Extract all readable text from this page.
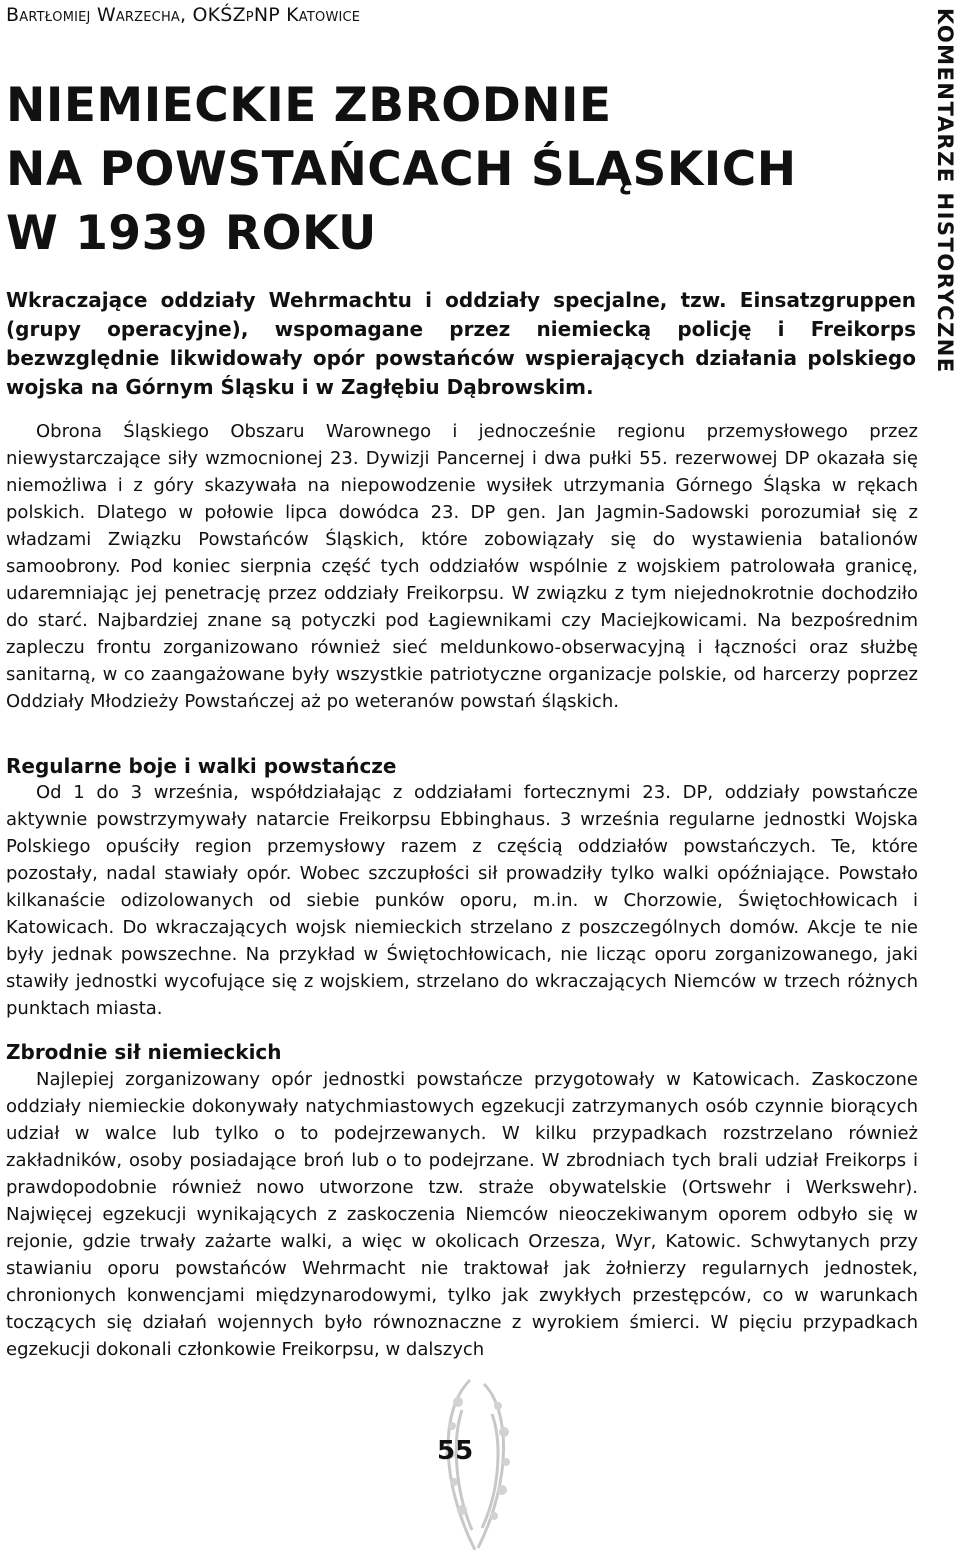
Bartłomiej Warzecha, OKŚZpNP Katowice
NIEMIECKIE ZBRODNIE
NA POWSTAŃCACH ŚLĄSKICH
W 1939 ROKU	KOMENTARZE HISTORYCZNE

Wkraczające oddziały Wehrmachtu i oddziały specjalne, tzw. Einsatzgruppen (grupy operacyjne), wspomagane przez niemiecką policję i Freikorps bezwzględnie likwidowały opór powstańców wspierających działania polskiego wojska na Górnym Śląsku i w Zagłębiu Dąbrowskim.

Obrona Śląskiego Obszaru Warownego i jednocześnie regionu przemysłowego przez niewystarczające siły wzmocnionej 23. Dywizji Pancernej i dwa pułki 55. rezerwowej DP okazała się niemożliwa i z góry skazywała na niepowodzenie wysiłek utrzymania Górnego Śląska w rękach polskich. Dlatego w połowie lipca dowódca 23. DP gen. Jan Jagmin-Sadowski porozumiał się z władzami Związku Powstańców Śląskich, które zobowiązały się do wystawienia batalionów samoobrony. Pod koniec sierpnia część tych oddziałów wspólnie z wojskiem patrolowała granicę, udaremniając jej penetrację przez oddziały Freikorpsu. W związku z tym niejednokrotnie dochodziło do starć. Najbardziej znane są potyczki pod Łagiewnikami czy Maciejkowicami. Na bezpośrednim zapleczu frontu zorganizowano również sieć meldunkowo-obserwacyjną i łączności oraz służbę sanitarną, w co zaangażowane były wszystkie patriotyczne organizacje polskie, od harcerzy poprzez Oddziały Młodzieży Powstańczej aż po weteranów powstań śląskich.

Regularne boje i walki powstańcze

Od 1 do 3 września, współdziałając z oddziałami fortecznymi 23. DP, oddziały powstańcze aktywnie powstrzymywały natarcie Freikorpsu Ebbinghaus. 3 września regularne jednostki Wojska Polskiego opuściły region przemysłowy razem z częścią oddziałów powstańczych. Te, które pozostały, nadal stawiały opór. Wobec szczupłości sił prowadziły tylko walki opóźniające. Powstało kilkanaście odizolowanych od siebie punków oporu, m.in. w Chorzowie, Świętochłowicach i Katowicach. Do wkraczających wojsk niemieckich strzelano z poszczególnych domów. Akcje te nie były jednak powszechne. Na przykład w Świętochłowicach, nie licząc oporu zorganizowanego, jaki stawiły jednostki wycofujące się z wojskiem, strzelano do wkraczających Niemców w trzech różnych punktach miasta.

Zbrodnie sił niemieckich

Najlepiej zorganizowany opór jednostki powstańcze przygotowały w Katowicach. Zaskoczone oddziały niemieckie dokonywały natychmiastowych egzekucji zatrzymanych osób czynnie biorących udział w walce lub tylko o to podejrzewanych. W kilku przypadkach rozstrzelano również zakładników, osoby posiadające broń lub o to podejrzane. W zbrodniach tych brali udział Freikorps i prawdopodobnie również nowo utworzone tzw. straże obywatelskie (Ortswehr i Werkswehr). Najwięcej egzekucji wynikających z zaskoczenia Niemców nieoczekiwanym oporem odbyło się w rejonie, gdzie trwały zażarte walki, a więc w okolicach Orzesza, Wyr, Katowic. Schwytanych przy stawianiu oporu powstańców Wehrmacht nie traktował jak żołnierzy regularnych jednostek, chronionych konwencjami międzynarodowymi, tylko jak zwykłych przestępców, co w warunkach toczących się działań wojennych było równoznaczne z wyrokiem śmierci. W pięciu przypadkach egzekucji dokonali członkowie Freikorpsu, w dalszych

55
